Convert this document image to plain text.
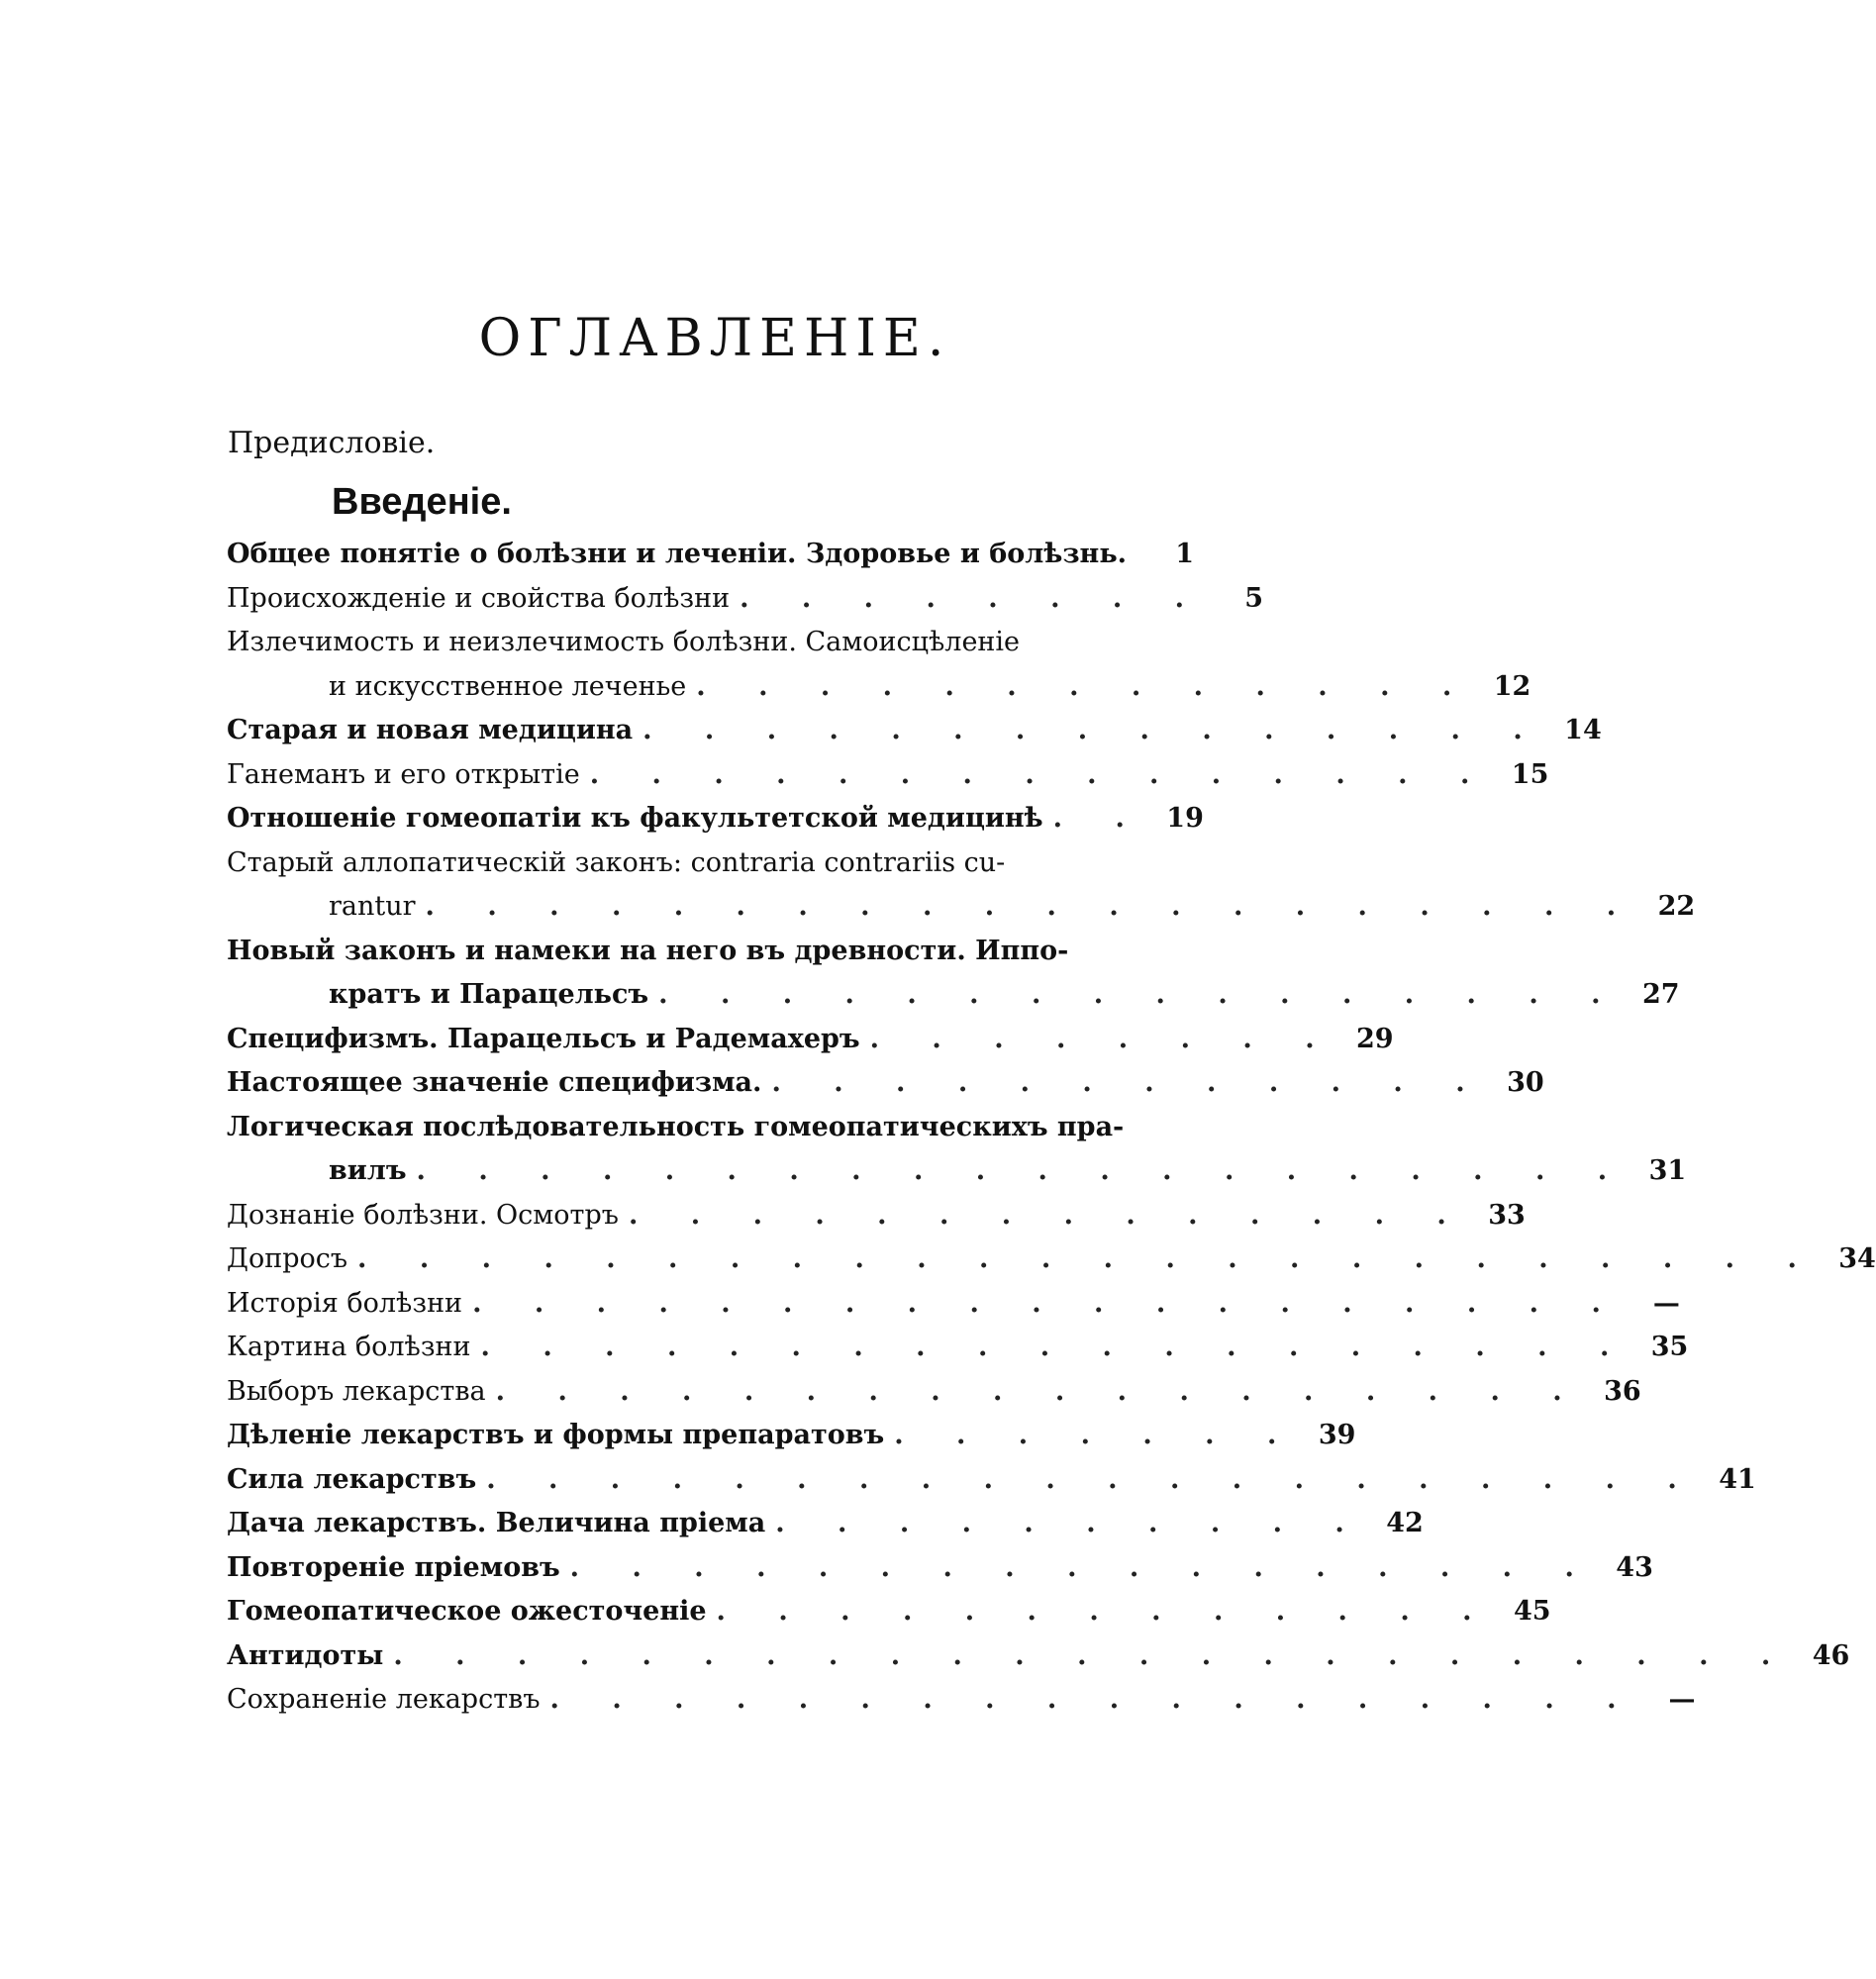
ОГЛАВЛЕНІЕ.
Предисловіе.
Введеніе.
Общее понятіе о болѣзни и леченіи. Здоровье и болѣзнь.	1
Происхожденіе и свойства болѣзни . . . . . . . .	5
Излечимость и неизлечимость болѣзни. Самоисцѣленіе
и искусственное леченье . . . . . . . . . . . . . 12
Старая и новая медицина . . . . . . . . . . . . . . . 14
Ганеманъ и его открытіе . . . . . . . . . . . . . . . 15
Отношеніе гомеопатіи къ факультетской медицинѣ . . 19
Старый аллопатическій законъ: contraria contrariis cu-
rantur . . . . . . . . . . . . . . . . . . . . 22
Новый законъ и намеки на него въ древности. Иппо-
кратъ и Парацельсъ . . . . . . . . . . . . . . . . 27
Специфизмъ. Парацельсъ и Радемахеръ . . . . . . . . 29
Настоящее значеніе специфизма. . . . . . . . . . . . . 30
Логическая послѣдовательность гомеопатическихъ пра-
вилъ . . . . . . . . . . . . . . . . . . . . 31
Дознаніе болѣзни. Осмотръ . . . . . . . . . . . . . . 33
Допросъ . . . . . . . . . . . . . . . . . . . . . . . . 34
Исторія болѣзни . . . . . . . . . . . . . . . . . . .	—
Картина болѣзни . . . . . . . . . . . . . . . . . . . 35
Выборъ лекарства . . . . . . . . . . . . . . . . . . 36
Дѣленіе лекарствъ и формы препаратовъ . . . . . . . 39
Сила лекарствъ . . . . . . . . . . . . . . . . . . . . 41
Дача лекарствъ. Величина пріема . . . . . . . . . . 42
Повтореніе пріемовъ . . . . . . . . . . . . . . . . . 43
Гомеопатическое ожесточеніе . . . . . . . . . . . . . 45
Антидоты . . . . . . . . . . . . . . . . . . . . . . . 46
Сохраненіе лекарствъ . . . . . . . . . . . . . . . . . .	—
